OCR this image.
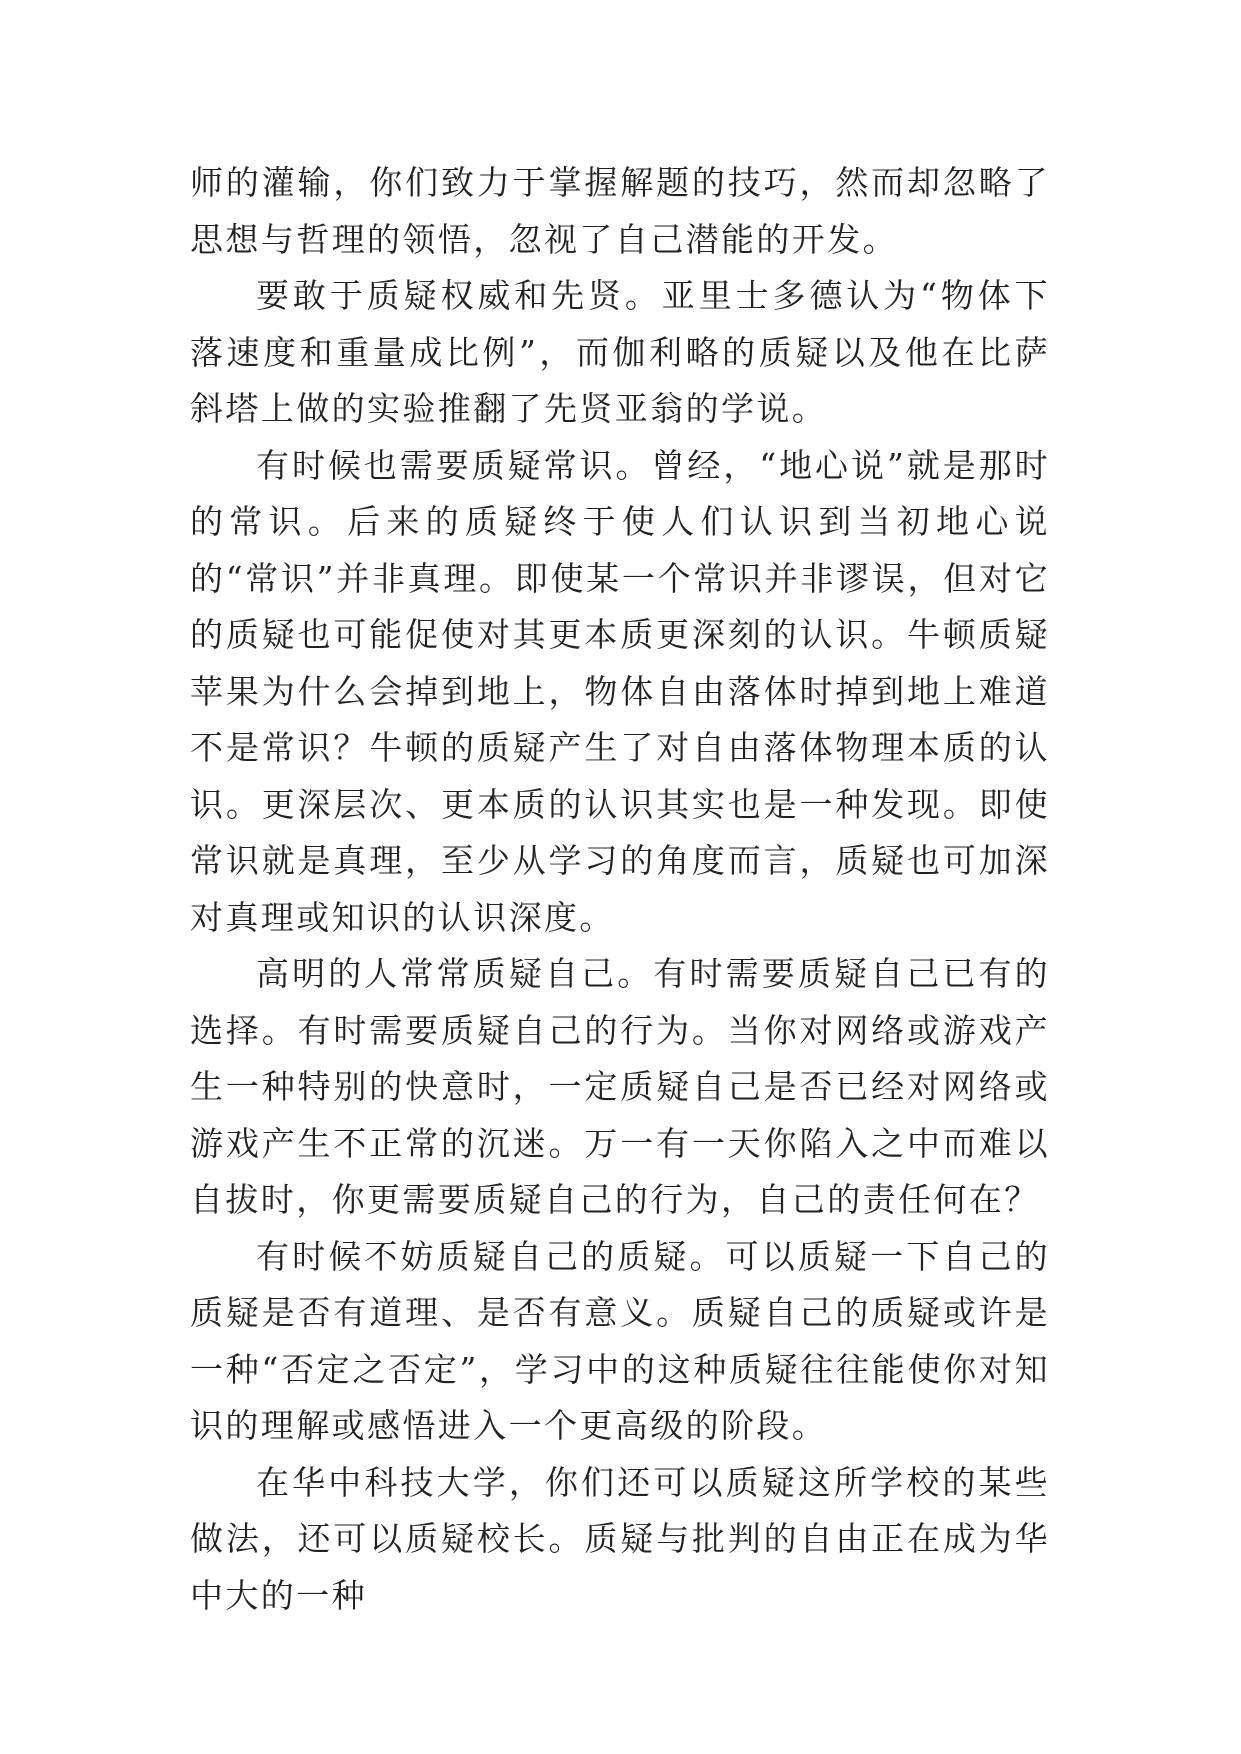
师的灌输，你们致力于掌握解题的技巧，然而却忽略了思想与哲理的领悟，忽视了自己潜能的开发。

要敢于质疑权威和先贤。亚里士多德认为“物体下落速度和重量成比例”，而伽利略的质疑以及他在比萨斜塔上做的实验推翻了先贤亚翁的学说。

有时候也需要质疑常识。曾经，“地心说”就是那时的常识。后来的质疑终于使人们认识到当初地心说的“常识”并非真理。即使某一个常识并非谬误，但对它的质疑也可能促使对其更本质更深刻的认识。牛顿质疑苹果为什么会掉到地上，物体自由落体时掉到地上难道不是常识？牛顿的质疑产生了对自由落体物理本质的认识。更深层次、更本质的认识其实也是一种发现。即使常识就是真理，至少从学习的角度而言，质疑也可加深对真理或知识的认识深度。

高明的人常常质疑自己。有时需要质疑自己已有的选择。有时需要质疑自己的行为。当你对网络或游戏产生一种特别的快意时，一定质疑自己是否已经对网络或游戏产生不正常的沉迷。万一有一天你陷入之中而难以自拔时，你更需要质疑自己的行为，自己的责任何在？

有时候不妨质疑自己的质疑。可以质疑一下自己的质疑是否有道理、是否有意义。质疑自己的质疑或许是一种“否定之否定”，学习中的这种质疑往往能使你对知识的理解或感悟进入一个更高级的阶段。

在华中科技大学，你们还可以质疑这所学校的某些做法，还可以质疑校长。质疑与批判的自由正在成为华中大的一种
